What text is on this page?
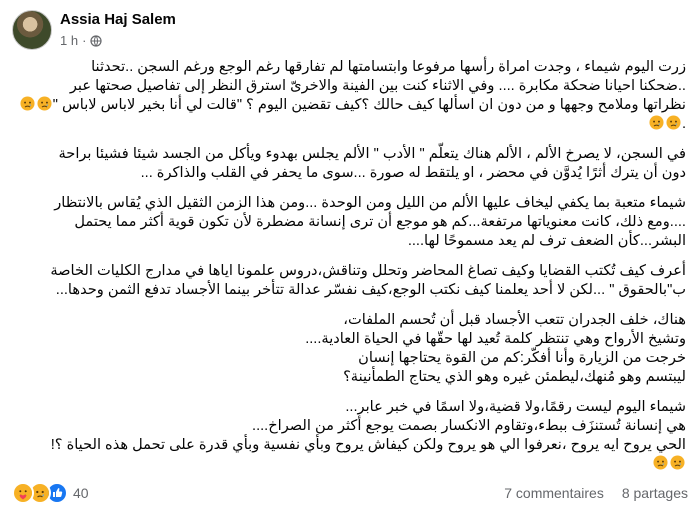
Assia Haj Salem
1 h ·
زرت اليوم شيماء ، وجدت امراة رأسها مرفوعا وابتسامتها لم تفارقها رغم الوجع ورغم السجن ..تحدثنا
..ضحكنا احيانا ضحكة مكابرة .... وفي الاثناء كنت بين الفينة والاخرىّ استرق النظر إلى تفاصيل صحتها عبر
نظراتها وملامح وجهها و من دون ان اسألها كيف حالك ؟كيف تقضين اليوم ؟ "قالت لي أنا بخير لاباس لاباس "
.
في السجن، لا يصرخ الألم ، الألم هناك يتعلّم " الأدب " الألم يجلس بهدوء ويأكل من الجسد شيئا فشيئا براحة
دون أن يترك أثرًا يُدوَّن في محضر ، او يلتقط له صورة ...سوى ما يحفر في القلب والذاكرة ...
شيماء متعبة بما يكفي ليخاف عليها الألم من الليل ومن الوحدة ...ومن هذا الزمن الثقيل الذي يُقاس بالانتظار
....ومع ذلك، كانت معنوياتها مرتفعة...كم هو موجع أن ترى إنسانة مضطرة لأن تكون قوية أكثر مما يحتمل
البشر...كأن الضعف ترف لم يعد مسموحًا لها....
أعرف كيف تُكتب القضايا وكيف تصاغ المحاضر وتحلل وتناقش،دروس علمونا اياها في مدارج الكليات الخاصة
ب"بالحقوق " ...لكن لا أحد يعلمنا كيف نكتب الوجع،كيف نفسّر عدالة تتأخر بينما الأجساد تدفع الثمن وحدها...
هناك، خلف الجدران تتعب الأجساد قبل أن تُحسم الملفات،
وتشيخ الأرواح وهي تنتظر كلمة تُعيد لها حقّها في الحياة العادية....
خرجت من الزيارة وأنا أفكّر:كم من القوة يحتاجها إنسان
ليبتسم وهو مُنهك،ليطمئن غيره وهو الذي يحتاج الطمأنينة؟
شيماء اليوم ليست رقمًا،ولا قضية،ولا اسمًا في خبر عابر...
هي إنسانة تُستنزَف ببطء،وتقاوم الانكسار بصمت يوجع أكثر من الصراخ....
الحي يروح ايه يروح ،نعرفوا الي هو يروح ولكن كيفاش يروح وبأي نفسية وبأي قدرة على تحمل هذه الحياة ؟!
40	7 commentaires 8 partages
